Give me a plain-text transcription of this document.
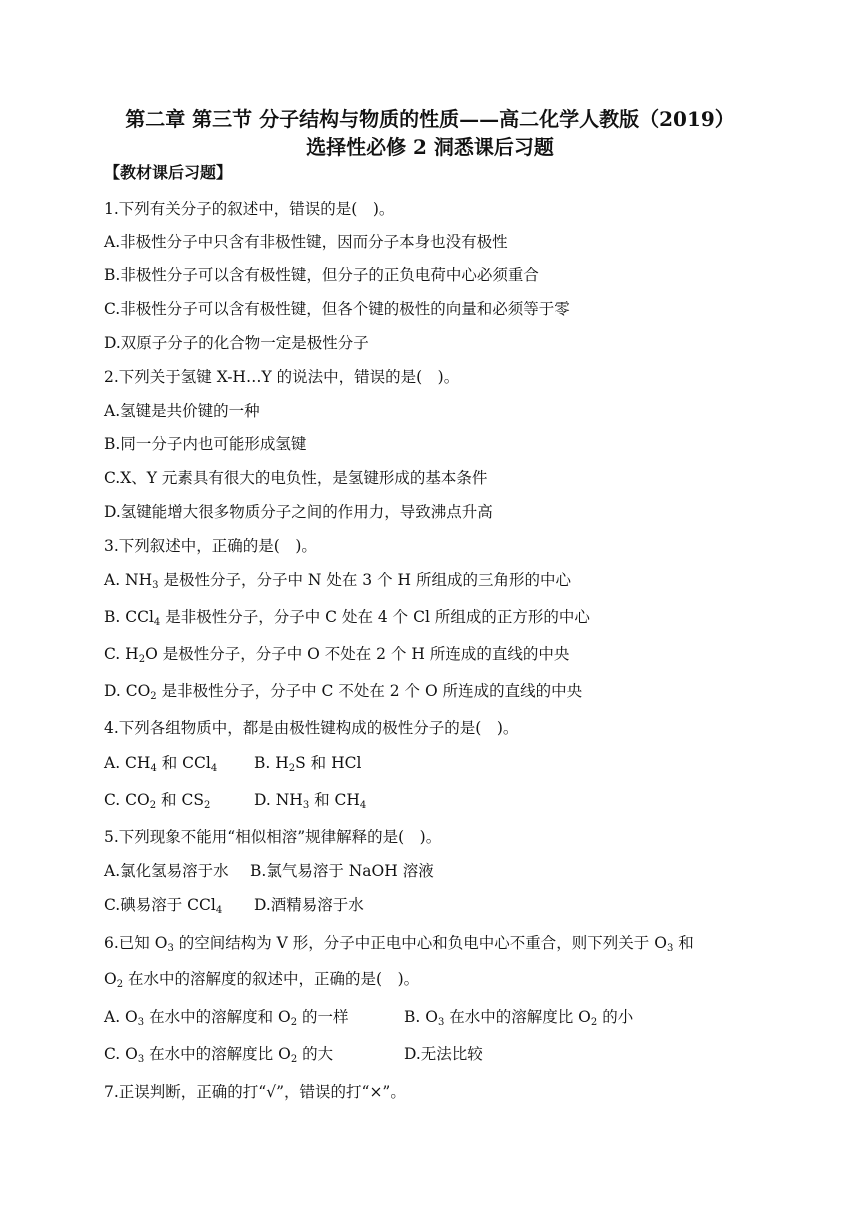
第二章 第三节 分子结构与物质的性质——高二化学人教版（2019）
选择性必修 2 洞悉课后习题
【教材课后习题】
1.下列有关分子的叙述中，错误的是(　)。
A.非极性分子中只含有非极性键，因而分子本身也没有极性
B.非极性分子可以含有极性键，但分子的正负电荷中心必须重合
C.非极性分子可以含有极性键，但各个键的极性的向量和必须等于零
D.双原子分子的化合物一定是极性分子
2.下列关于氢键 X-H…Y 的说法中，错误的是(　)。
A.氢键是共价键的一种
B.同一分子内也可能形成氢键
C.X、Y 元素具有很大的电负性，是氢键形成的基本条件
D.氢键能增大很多物质分子之间的作用力，导致沸点升高
3.下列叙述中，正确的是(　)。
A. $NH_3$ 是极性分子，分子中 N 处在 3 个 H 所组成的三角形的中心
B. CCl$_4$ 是非极性分子，分子中 C 处在 4 个 Cl 所组成的正方形的中心
C. $H_2O$ 是极性分子，分子中 O 不处在 2 个 H 所连成的直线的中央
D. $CO_2$ 是非极性分子，分子中 C 不处在 2 个 O 所连成的直线的中央
4.下列各组物质中，都是由极性键构成的极性分子的是(　)。
A. $CH_4$ 和 CCl$_4$ B. $H_2S$ 和 HCl
C. $CO_2$ 和 $CS_2$	D. $NH_3$ 和 $CH_4$
5.下列现象不能用“相似相溶”规律解释的是(　)。
A.氯化氢易溶于水 B.氯气易溶于 NaOH 溶液
C.碘易溶于 CCl$_4$ D.酒精易溶于水
6.已知 $O_3$ 的空间结构为 V 形，分子中正电中心和负电中心不重合，则下列关于 $O_3$ 和
$O_2$ 在水中的溶解度的叙述中，正确的是(　)。
A. $O_3$ 在水中的溶解度和 $O_2$ 的一样	B. $O_3$ 在水中的溶解度比 $O_2$ 的小
C. $O_3$ 在水中的溶解度比 $O_2$ 的大	D.无法比较
7.正误判断，正确的打“√”，错误的打“×”。
